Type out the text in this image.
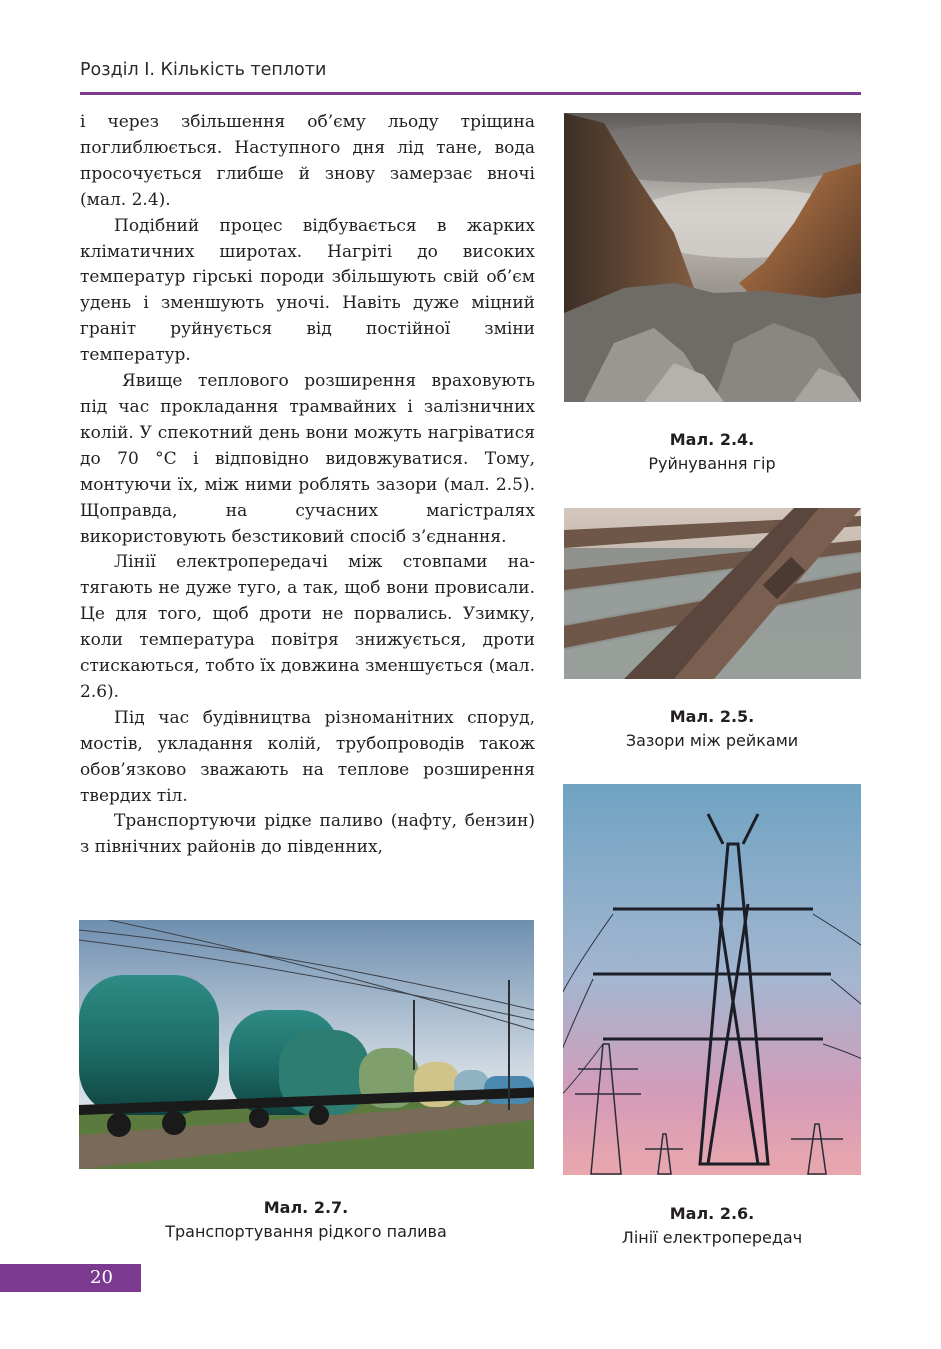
Розділ І. Кількість теплоти

і через збільшення об’єму льоду тріщина поглиблюється. Наступного дня лід тане, вода просочується глибше й знову замерзає вночі (мал. 2.4).

Подібний процес відбувається в жарких кліматичних широтах. Нагріті до високих температур гірські породи збільшують свій об’єм удень і зменшують уночі. Навіть дуже міцний граніт руйнується від постійної зміни температур.

Явище теплового розширення враховують під час прокладання трамвайних і залізничних колій. У спекотний день вони можуть нагріватися до 70 °С і відповідно видовжуватися. Тому, монтуючи їх, між ними роблять зазори (мал. 2.5). Щоправда, на сучасних магістралях використовують безстиковий спосіб з’єднання.

Лінії електропередачі між стовпами натягають не дуже туго, а так, щоб вони провисали. Це для того, щоб дроти не порвались. Узимку, коли температура повітря знижується, дроти стискаються, тобто їх довжина зменшується (мал. 2.6).

Під час будівництва різноманітних споруд, мостів, укладання колій, трубопроводів також обов’язково зважають на теплове розширення твердих тіл.

Транспортуючи рідке паливо (нафту, бензин) з північних районів до південних,

Мал. 2.4.
Руйнування гір
Мал. 2.5.
Зазори між рейками
Мал. 2.6.
Лінії електропередач
Мал. 2.7.
Транспортування рідкого палива
20
